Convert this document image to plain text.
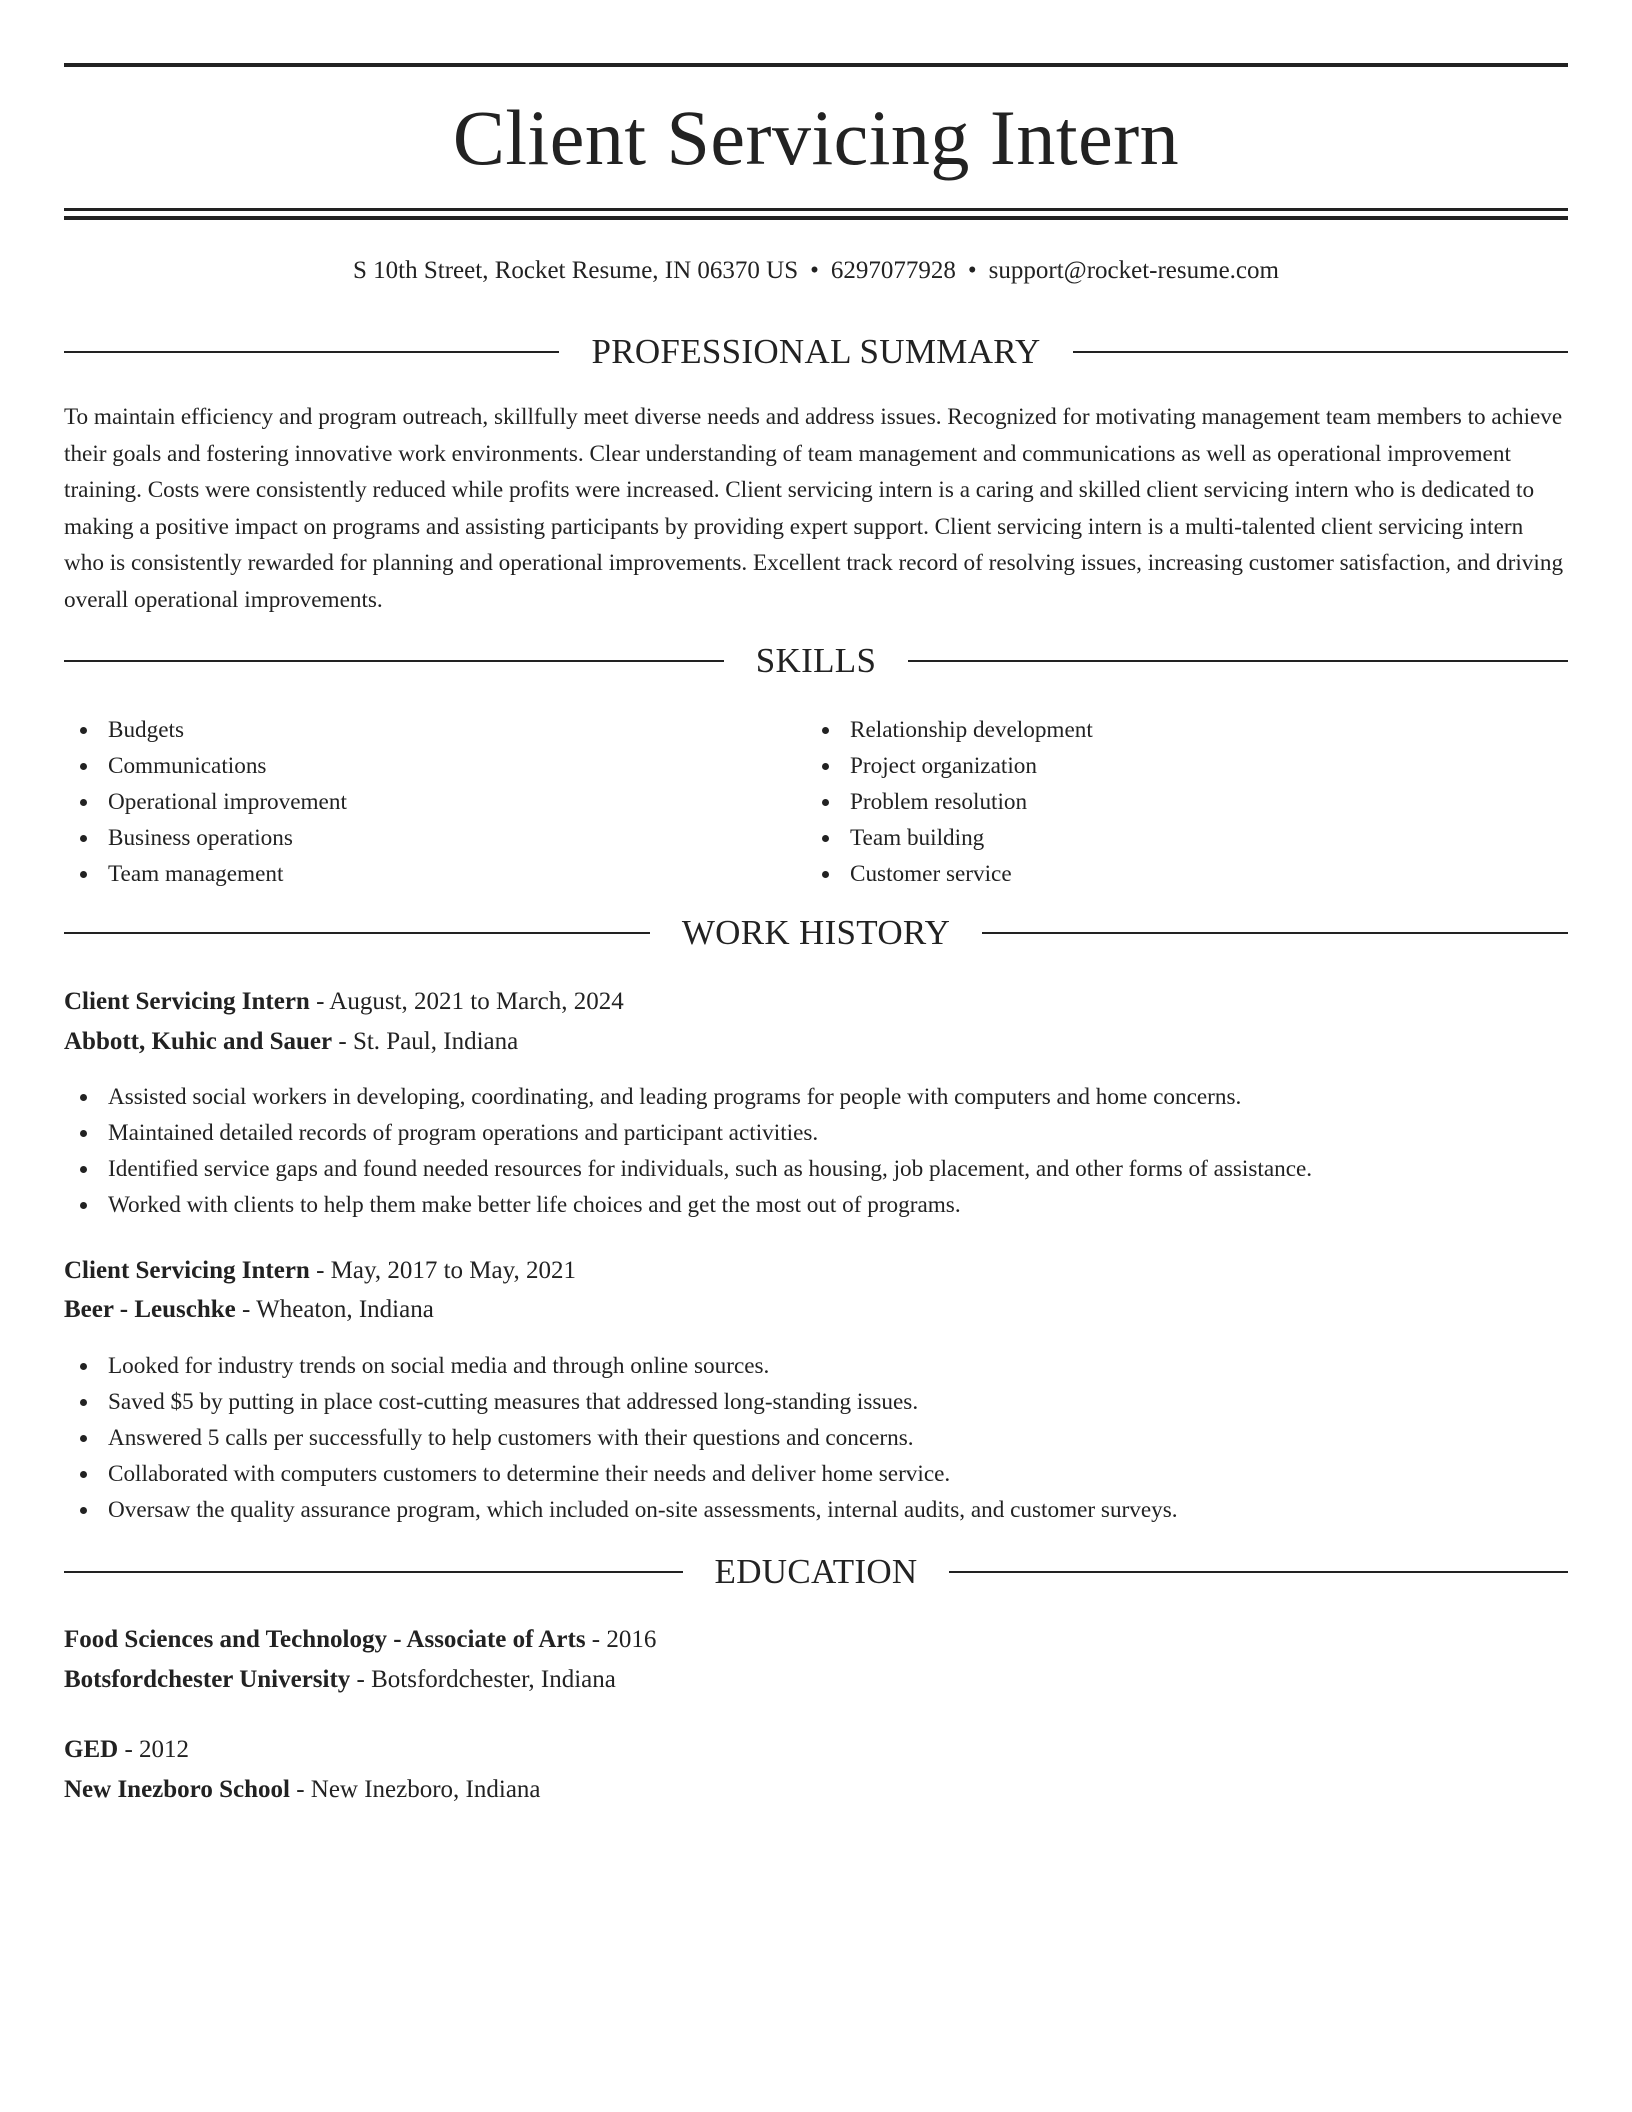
Client Servicing Intern
S 10th Street, Rocket Resume, IN 06370 US • 6297077928 • support@rocket-resume.com
PROFESSIONAL SUMMARY

To maintain efficiency and program outreach, skillfully meet diverse needs and address issues. Recognized for motivating management team members to achieve their goals and fostering innovative work environments. Clear understanding of team management and communications as well as operational improvement training. Costs were consistently reduced while profits were increased. Client servicing intern is a caring and skilled client servicing intern who is dedicated to making a positive impact on programs and assisting participants by providing expert support. Client servicing intern is a multi-talented client servicing intern who is consistently rewarded for planning and operational improvements. Excellent track record of resolving issues, increasing customer satisfaction, and driving overall operational improvements.

SKILLS
Budgets
Communications
Operational improvement
Business operations
Team management
Relationship development
Project organization
Problem resolution
Team building
Customer service
WORK HISTORY
Client Servicing Intern - August, 2021 to March, 2024
Abbott, Kuhic and Sauer - St. Paul, Indiana
Assisted social workers in developing, coordinating, and leading programs for people with computers and home concerns.
Maintained detailed records of program operations and participant activities.
Identified service gaps and found needed resources for individuals, such as housing, job placement, and other forms of assistance.
Worked with clients to help them make better life choices and get the most out of programs.
Client Servicing Intern - May, 2017 to May, 2021
Beer - Leuschke - Wheaton, Indiana
Looked for industry trends on social media and through online sources.
Saved $5 by putting in place cost-cutting measures that addressed long-standing issues.
Answered 5 calls per successfully to help customers with their questions and concerns.
Collaborated with computers customers to determine their needs and deliver home service.
Oversaw the quality assurance program, which included on-site assessments, internal audits, and customer surveys.
EDUCATION
Food Sciences and Technology - Associate of Arts - 2016
Botsfordchester University - Botsfordchester, Indiana
GED - 2012
New Inezboro School - New Inezboro, Indiana
